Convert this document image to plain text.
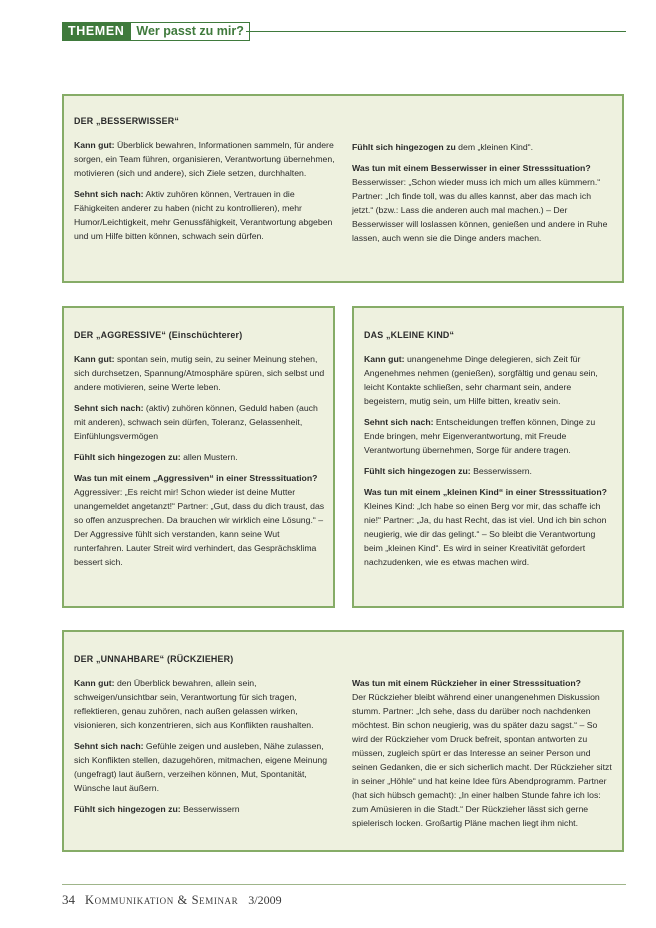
THEMEN Wer passt zu mir?
DER „BESSERWISSER“

Kann gut: Überblick bewahren, Informationen sammeln, für andere sorgen, ein Team führen, organisieren, Verantwortung übernehmen, motivieren (sich und andere), sich Ziele setzen, durchhalten.

Sehnt sich nach: Aktiv zuhören können, Vertrauen in die Fähigkeiten anderer zu haben (nicht zu kontrollieren), mehr Humor/Leichtigkeit, mehr Genussfähigkeit, Verantwortung abgeben und um Hilfe bitten können, schwach sein dürfen.

Fühlt sich hingezogen zu dem „kleinen Kind“.

Was tun mit einem Besserwisser in einer Stresssituation?
Besserwisser: „Schon wieder muss ich mich um alles kümmern.“ Partner: „Ich finde toll, was du alles kannst, aber das mach ich jetzt.“ (bzw.: Lass die anderen auch mal machen.) – Der Besserwisser will loslassen können, genießen und andere in Ruhe lassen, auch wenn sie die Dinge anders machen.

DER „AGGRESSIVE“ (Einschüchterer)

Kann gut: spontan sein, mutig sein, zu seiner Meinung stehen, sich durchsetzen, Spannung/Atmosphäre spüren, sich selbst und andere motivieren, seine Werte leben.

Sehnt sich nach: (aktiv) zuhören können, Geduld haben (auch mit anderen), schwach sein dürfen, Toleranz, Gelassenheit, Einfühlungsvermögen

Fühlt sich hingezogen zu: allen Mustern.

Was tun mit einem „Aggressiven“ in einer Stresssituation?
Aggressiver: „Es reicht mir! Schon wieder ist deine Mutter unangemeldet angetanzt!“ Partner: „Gut, dass du dich traust, das so offen anzusprechen. Da brauchen wir wirklich eine Lösung.“ – Der Aggressive fühlt sich verstanden, kann seine Wut runterfahren. Lauter Streit wird verhindert, das Gesprächsklima bessert sich.

DAS „KLEINE KIND“

Kann gut: unangenehme Dinge delegieren, sich Zeit für Angenehmes nehmen (genießen), sorgfältig und genau sein, leicht Kontakte schließen, sehr charmant sein, andere begeistern, mutig sein, um Hilfe bitten, kreativ sein.

Sehnt sich nach: Entscheidungen treffen können, Dinge zu Ende bringen, mehr Eigenverantwortung, mit Freude Verantwortung übernehmen, Sorge für andere tragen.

Fühlt sich hingezogen zu: Besserwissern.

Was tun mit einem „kleinen Kind“ in einer Stresssituation?
Kleines Kind: „Ich habe so einen Berg vor mir, das schaffe ich nie!“ Partner: „Ja, du hast Recht, das ist viel. Und ich bin schon neugierig, wie dir das gelingt.“ – So bleibt die Verantwortung beim „kleinen Kind“. Es wird in seiner Kreativität gefordert nachzudenken, wie es etwas machen wird.

DER „UNNAHBARE“ (RÜCKZIEHER)

Kann gut: den Überblick bewahren, allein sein, schweigen/unsichtbar sein, Verantwortung für sich tragen, reflektieren, genau zuhören, nach außen gelassen wirken, visionieren, sich konzentrieren, sich aus Konflikten raushalten.

Sehnt sich nach: Gefühle zeigen und ausleben, Nähe zulassen, sich Konflikten stellen, dazugehören, mitmachen, eigene Meinung (ungefragt) laut äußern, verzeihen können, Mut, Spontanität, Wünsche laut äußern.

Fühlt sich hingezogen zu: Besserwissern

Was tun mit einem Rückzieher in einer Stresssituation?
Der Rückzieher bleibt während einer unangenehmen Diskussion stumm. Partner: „Ich sehe, dass du darüber noch nachdenken möchtest. Bin schon neugierig, was du später dazu sagst.“ – So wird der Rückzieher vom Druck befreit, spontan antworten zu müssen, zugleich spürt er das Interesse an seiner Person und seinen Gedanken, die er sich sicherlich macht. Der Rückzieher sitzt in seiner „Höhle“ und hat keine Idee fürs Abendprogramm. Partner (hat sich hübsch gemacht): „In einer halben Stunde fahre ich los: zum Amüsieren in die Stadt.“ Der Rückzieher lässt sich gerne spielerisch locken. Großartig Pläne machen liegt ihm nicht.

34 Kommunikation & Seminar 3/2009
